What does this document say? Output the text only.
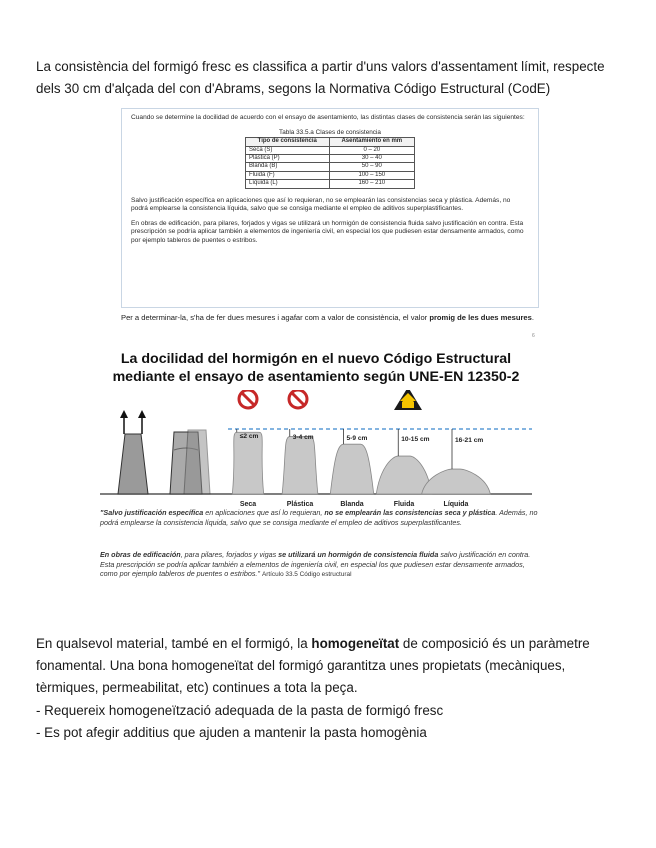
La consistència del formigó fresc es classifica a partir d'uns valors d'assentament límit, respecte dels 30 cm d'alçada del con d'Abrams, segons la Normativa Código Estructural (CodE)

Cuando se determine la docilidad de acuerdo con el ensayo de asentamiento, las distintas clases de consistencia serán las siguientes:

Tabla 33.5.a Clases de consistencia
Tipo de consistencia	Asentamiento en mm
Seca (S)	0 – 20
Plástica (P)	30 – 40
Blanda (B)	50 – 90
Fluida (F)	100 – 150
Líquida (L)	160 – 210

Salvo justificación específica en aplicaciones que así lo requieran, no se emplearán las consistencias seca y plástica. Además, no podrá emplearse la consistencia líquida, salvo que se consiga mediante el empleo de aditivos superplastificantes.

En obras de edificación, para pilares, forjados y vigas se utilizará un hormigón de consistencia fluida salvo justificación en contra. Esta prescripción se podría aplicar también a elementos de ingeniería civil, en especial los que pudiesen estar densamente armados, como por ejemplo tableros de puentes o estribos.

Per a determinar-la, s'ha de fer dues mesures i agafar com a valor de consistència, el valor promig de les dues mesures.
6
La docilidad del hormigón en el nuevo Código Estructural
mediante el ensayo de asentamiento según UNE-EN 12350-2
≤2 cm
Seca
3-4 cm
Plástica
5-9 cm
Blanda
10-15 cm
Fluida
16-21 cm
Líquida
"Salvo justificación específica en aplicaciones que así lo requieran, no se emplearán las consistencias seca y plástica. Además, no podrá emplearse la consistencia líquida, salvo que se consiga mediante el empleo de aditivos superplastificantes.
En obras de edificación, para pilares, forjados y vigas se utilizará un hormigón de consistencia fluida salvo justificación en contra. Esta prescripción se podría aplicar también a elementos de ingeniería civil, en especial los que pudiesen estar densamente armados, como por ejemplo tableros de puentes o estribos." Artículo 33.5 Código estructural

En qualsevol material, també en el formigó, la homogeneïtat de composició és un paràmetre fonamental. Una bona homogeneïtat del formigó garantitza unes propietats (mecàniques, tèrmiques, permeabilitat, etc) continues a tota la peça.

- Requereix homogeneïtzació adequada de la pasta de formigó fresc
- Es pot afegir additius que ajuden a mantenir la pasta homogènia
